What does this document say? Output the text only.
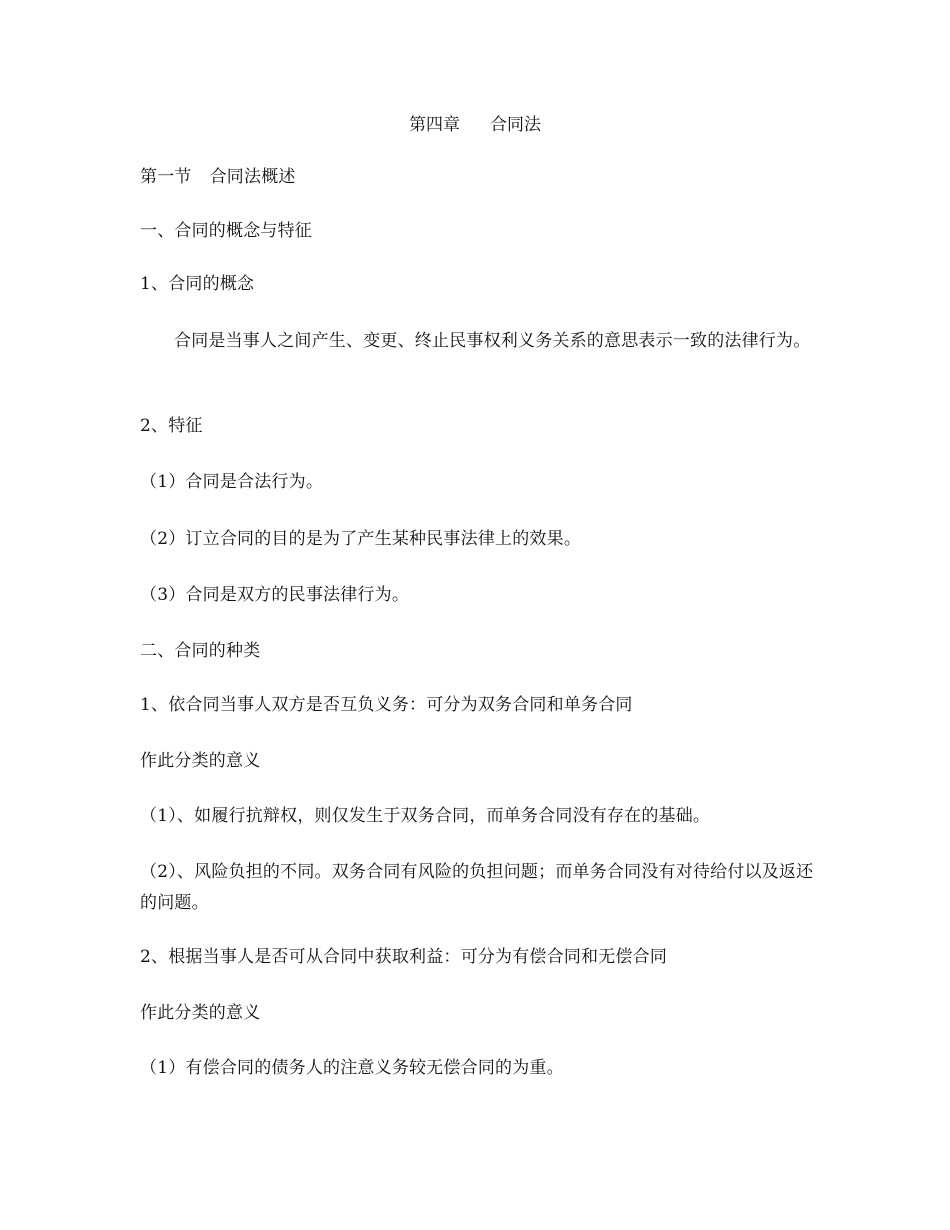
第四章 合同法
第一节 合同法概述
一、合同的概念与特征
1、合同的概念
合同是当事人之间产生、变更、终止民事权利义务关系的意思表示一致的法律行为。
2、特征
（1）合同是合法行为。
（2）订立合同的目的是为了产生某种民事法律上的效果。
（3）合同是双方的民事法律行为。
二、合同的种类
1、依合同当事人双方是否互负义务：可分为双务合同和单务合同
作此分类的意义
（1）、如履行抗辩权，则仅发生于双务合同，而单务合同没有存在的基础。
（2）、风险负担的不同。双务合同有风险的负担问题；而单务合同没有对待给付以及返还的问题。
2、根据当事人是否可从合同中获取利益：可分为有偿合同和无偿合同
作此分类的意义
（1）有偿合同的债务人的注意义务较无偿合同的为重。
